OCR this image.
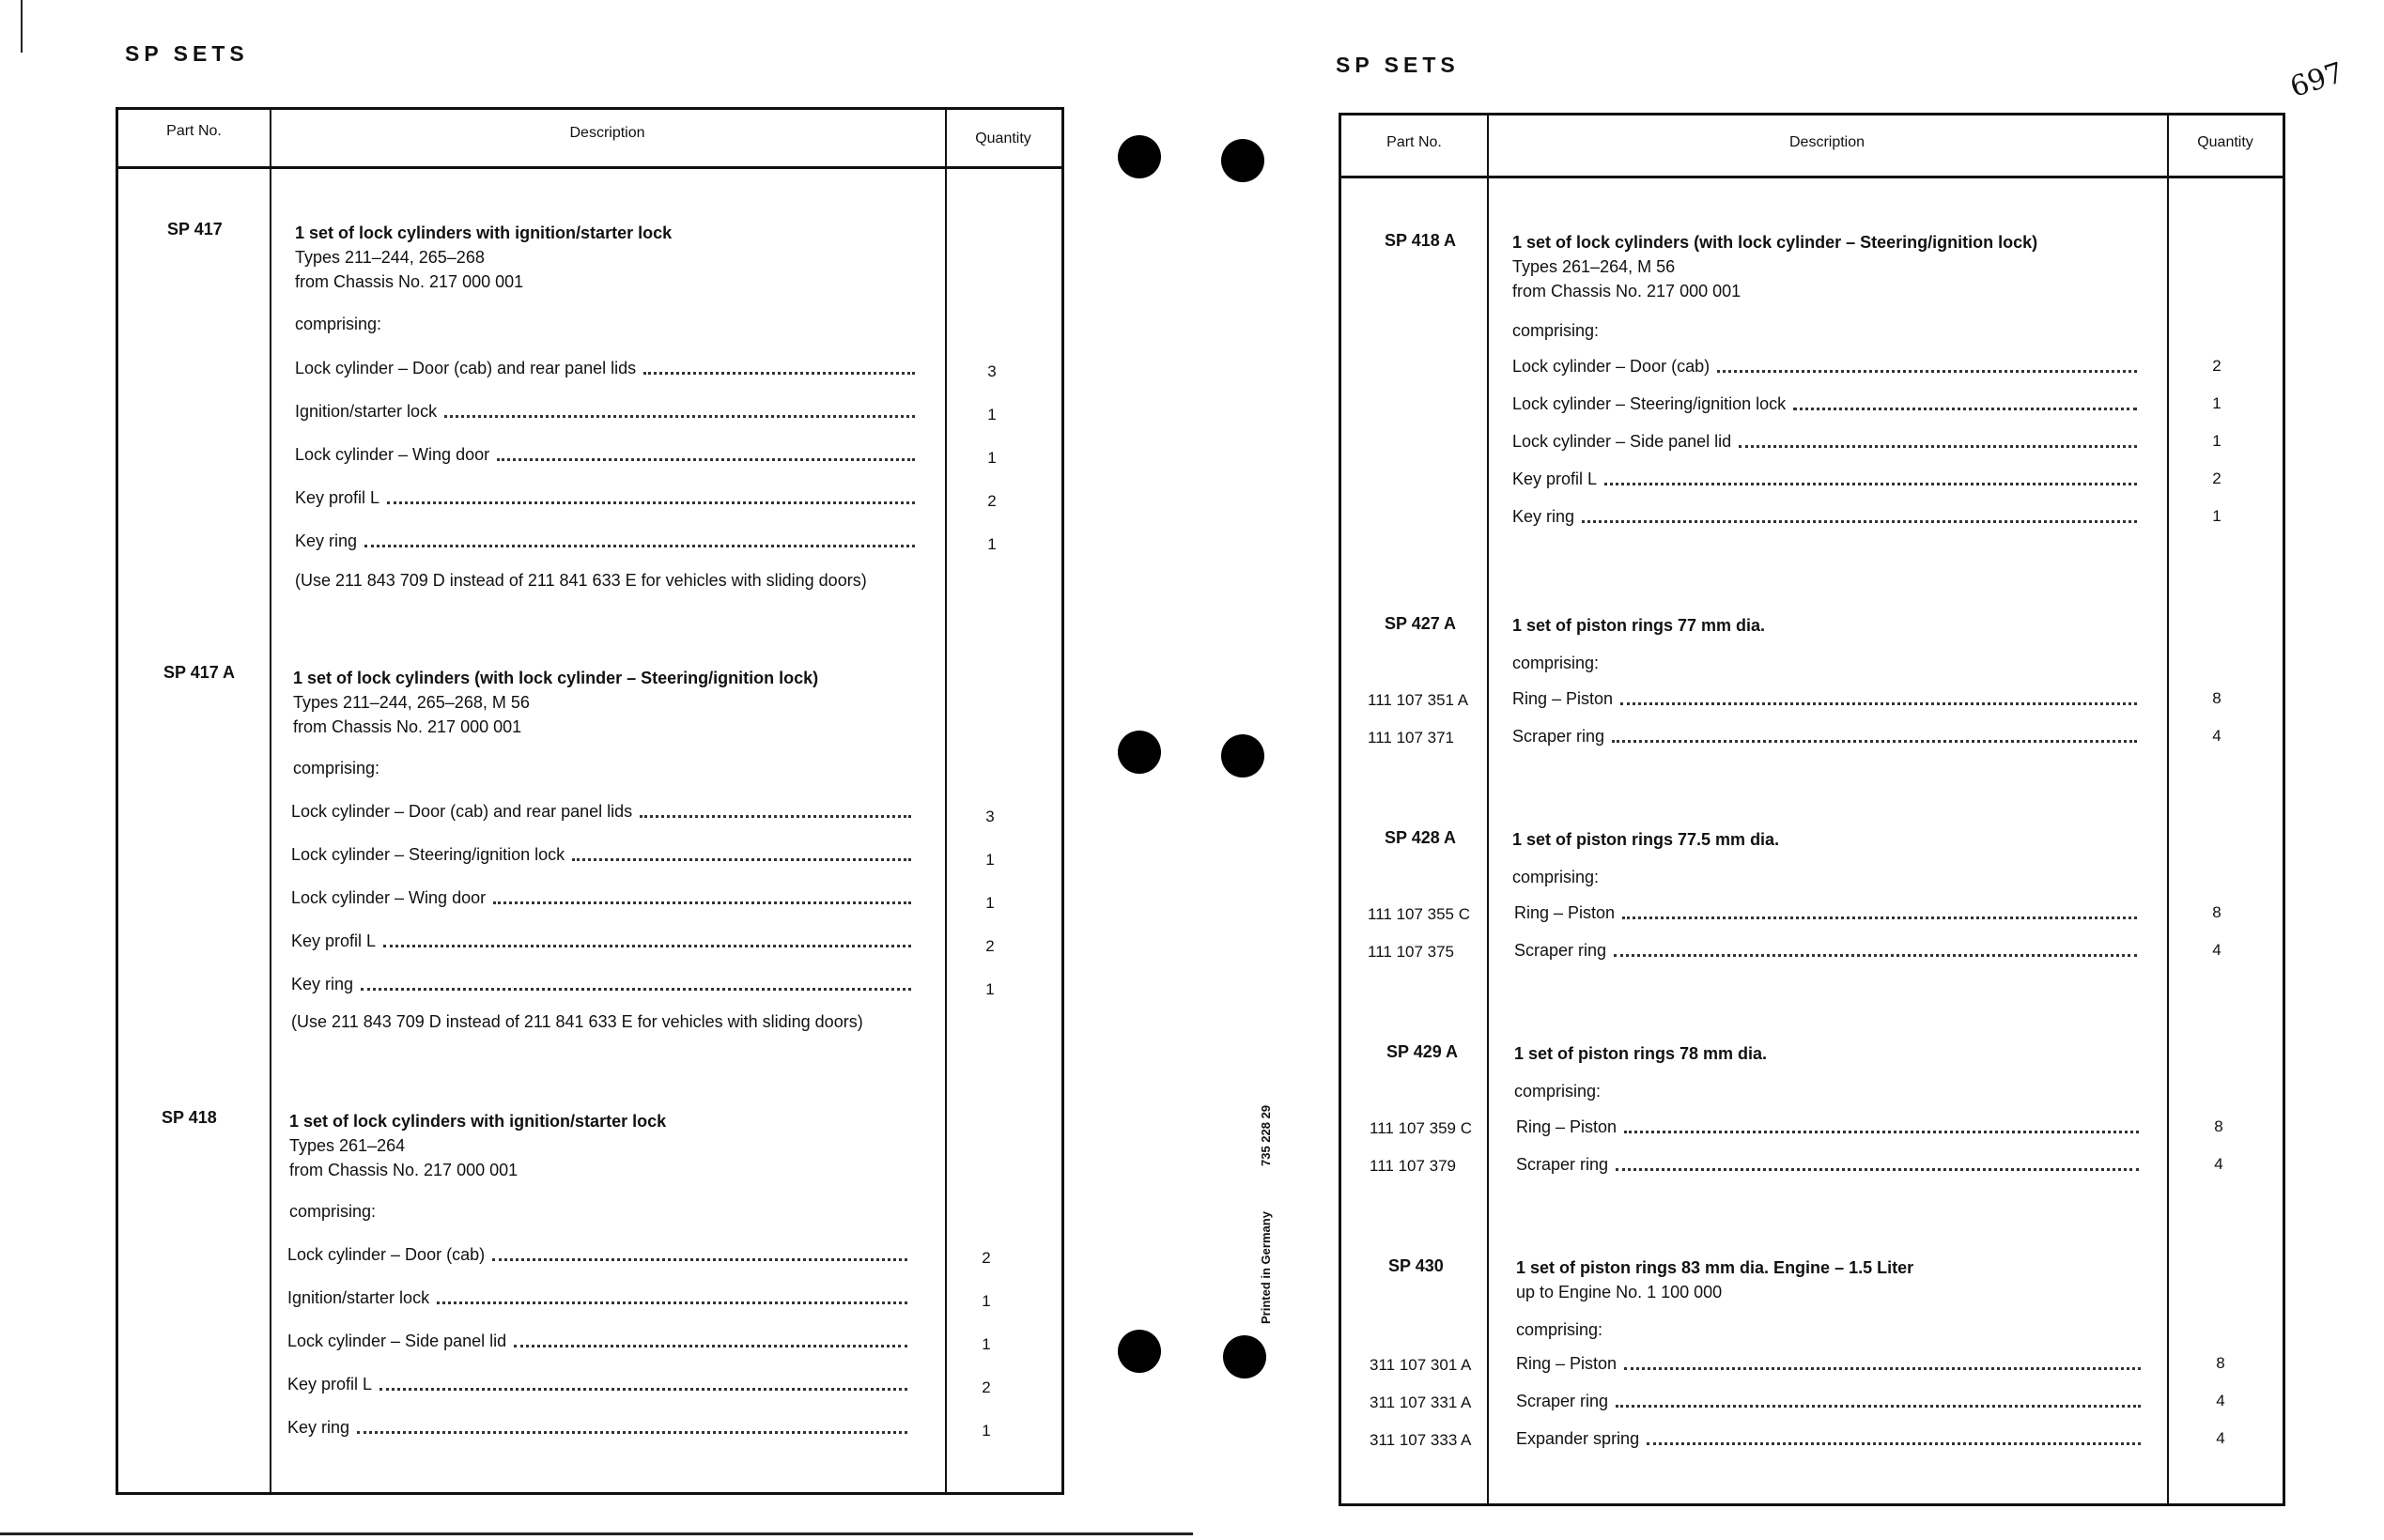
SP SETS
Part No.	Description	Quantity
SP 417	1 set of lock cylinders with ignition/starter lock
Types 211–244, 265–268
from Chassis No. 217 000 001
comprising:
Lock cylinder – Door (cab) and rear panel lids	3
Ignition/starter lock	1
Lock cylinder – Wing door	1
Key profil L	2
Key ring	1
(Use 211 843 709 D instead of 211 841 633 E for vehicles with sliding doors)
SP 417 A	1 set of lock cylinders (with lock cylinder – Steering/ignition lock)
Types 211–244, 265–268, M 56
from Chassis No. 217 000 001
comprising:
Lock cylinder – Door (cab) and rear panel lids	3
Lock cylinder – Steering/ignition lock	1
Lock cylinder – Wing door	1
Key profil L	2
Key ring	1
(Use 211 843 709 D instead of 211 841 633 E for vehicles with sliding doors)
SP 418	1 set of lock cylinders with ignition/starter lock
Types 261–264
from Chassis No. 217 000 001
comprising:
Lock cylinder – Door (cab)	2
Ignition/starter lock	1
Lock cylinder – Side panel lid	1
Key profil L	2
Key ring	1
Printed in Germany
735 228 29
SP SETS	697
Part No.	Description	Quantity
SP 418 A	1 set of lock cylinders (with lock cylinder – Steering/ignition lock)
Types 261–264, M 56
from Chassis No. 217 000 001
comprising:
Lock cylinder – Door (cab)	2
Lock cylinder – Steering/ignition lock	1
Lock cylinder – Side panel lid	1
Key profil L	2
Key ring	1
SP 427 A	1 set of piston rings 77 mm dia.
comprising:
111 107 351 A	Ring – Piston	8
111 107 371	Scraper ring	4
SP 428 A	1 set of piston rings 77.5 mm dia.
comprising:
111 107 355 C	Ring – Piston	8
111 107 375	Scraper ring	4
SP 429 A	1 set of piston rings 78 mm dia.
comprising:
111 107 359 C	Ring – Piston	8
111 107 379	Scraper ring	4
SP 430	1 set of piston rings 83 mm dia. Engine – 1.5 Liter
up to Engine No. 1 100 000
comprising:
311 107 301 A	Ring – Piston	8
311 107 331 A	Scraper ring	4
311 107 333 A	Expander spring	4
